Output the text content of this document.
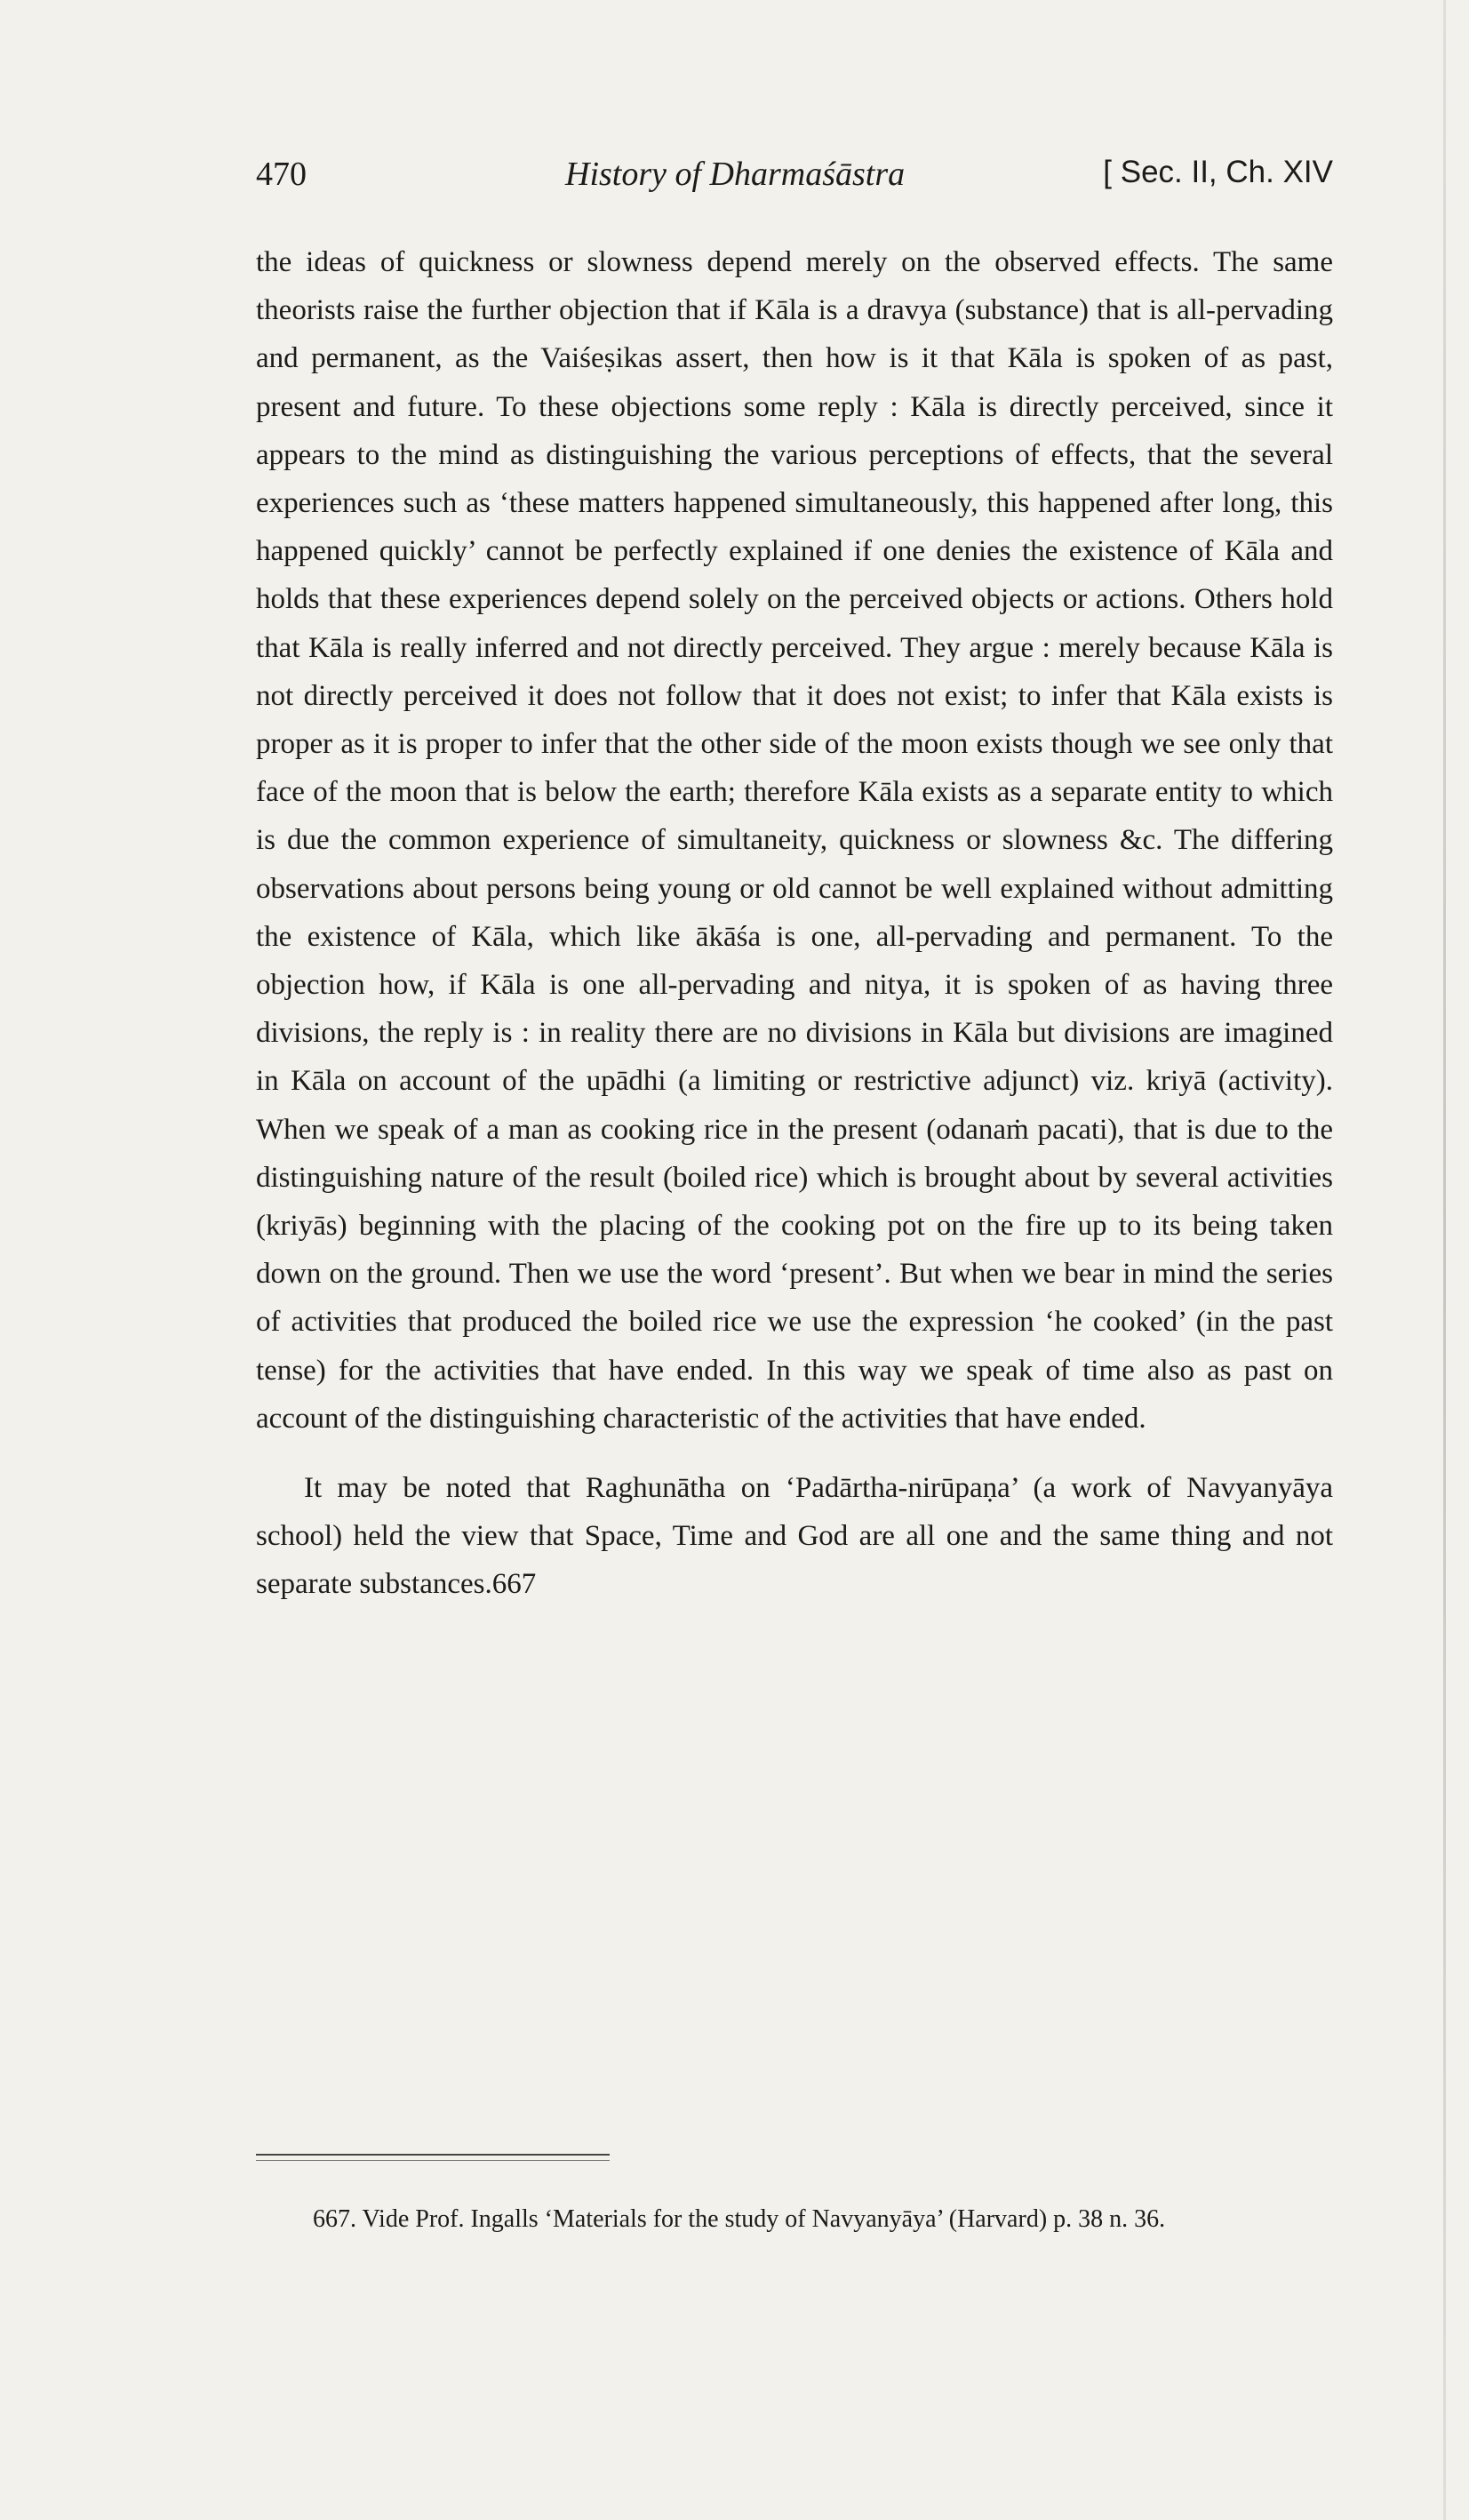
470	History of Dharmaśāstra	[ Sec. II, Ch. XIV

the ideas of quickness or slowness depend merely on the observed effects. The same theorists raise the further objection that if Kāla is a dravya (substance) that is all-pervading and permanent, as the Vaiśeṣikas assert, then how is it that Kāla is spoken of as past, present and future. To these objections some reply : Kāla is directly perceived, since it appears to the mind as distinguishing the various perceptions of effects, that the several experiences such as ‘these matters happened simultaneously, this happened after long, this happened quickly’ cannot be perfectly explained if one denies the existence of Kāla and holds that these experiences depend solely on the perceived objects or actions. Others hold that Kāla is really inferred and not directly perceived. They argue : merely because Kāla is not directly perceived it does not follow that it does not exist; to infer that Kāla exists is proper as it is proper to infer that the other side of the moon exists though we see only that face of the moon that is below the earth; therefore Kāla exists as a separate entity to which is due the common experience of simultaneity, quickness or slowness &c. The differing observations about persons being young or old cannot be well explained without admitting the existence of Kāla, which like ākāśa is one, all-pervading and permanent. To the objection how, if Kāla is one all-pervading and nitya, it is spoken of as having three divisions, the reply is : in reality there are no divisions in Kāla but divisions are imagined in Kāla on account of the upādhi (a limiting or restrictive adjunct) viz. kriyā (activity). When we speak of a man as cooking rice in the present (odanaṁ pacati), that is due to the distinguishing nature of the result (boiled rice) which is brought about by several activities (kriyās) beginning with the placing of the cooking pot on the fire up to its being taken down on the ground. Then we use the word ‘present’. But when we bear in mind the series of activities that produced the boiled rice we use the expression ‘he cooked’ (in the past tense) for the activities that have ended. In this way we speak of time also as past on account of the distinguishing characteristic of the activities that have ended.

It may be noted that Raghunātha on ‘Padārtha-nirūpaṇa’ (a work of Navyanyāya school) held the view that Space, Time and God are all one and the same thing and not separate substances.667

667. Vide Prof. Ingalls ‘Materials for the study of Navyanyāya’ (Harvard) p. 38 n. 36.
